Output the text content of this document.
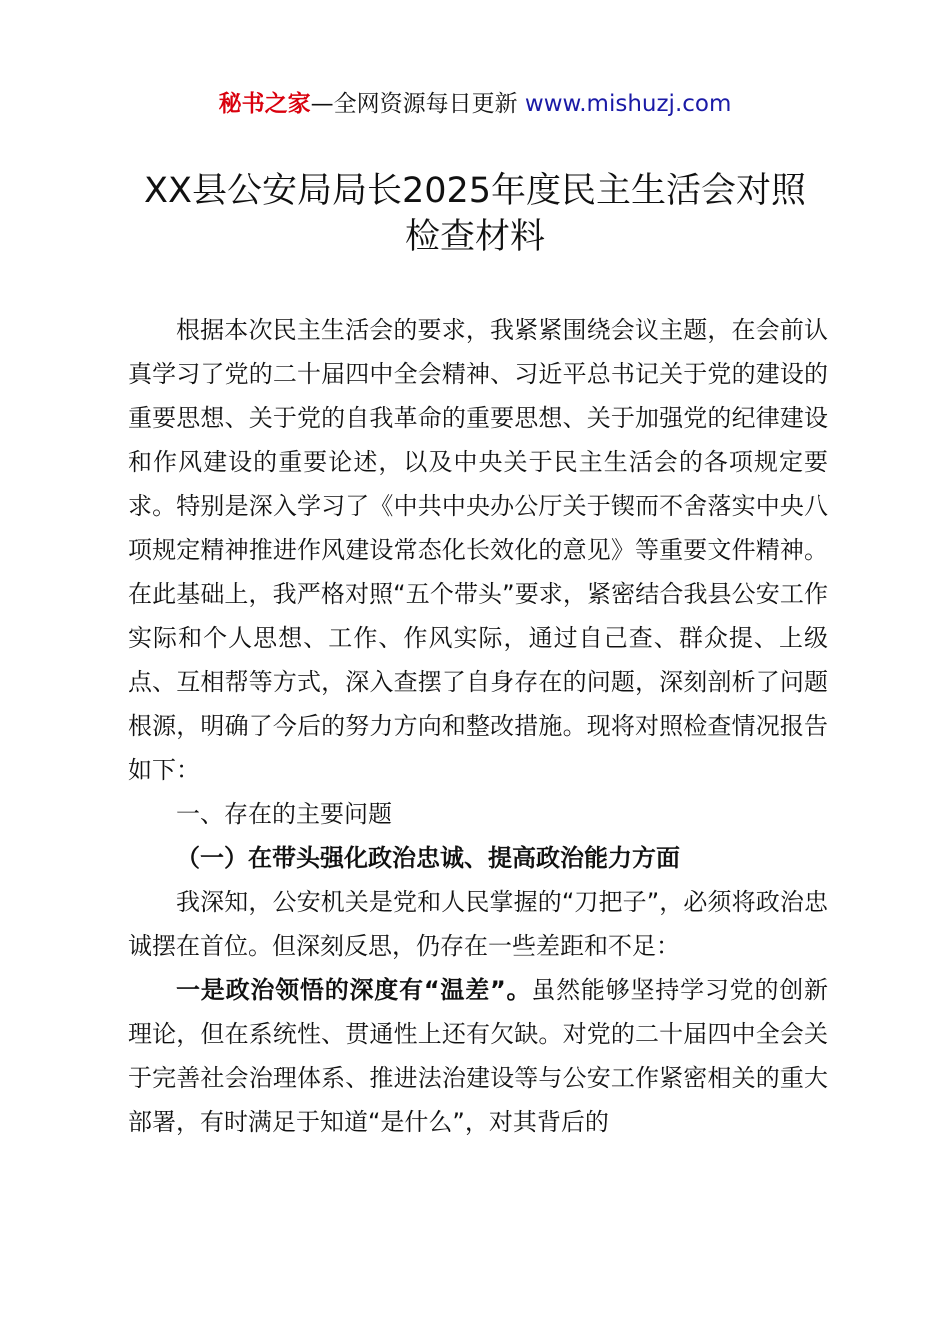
秘书之家—全网资源每日更新 www.mishuzj.com
XX县公安局局长2025年度民主生活会对照
检查材料

根据本次民主生活会的要求，我紧紧围绕会议主题，在会前认真学习了党的二十届四中全会精神、习近平总书记关于党的建设的重要思想、关于党的自我革命的重要思想、关于加强党的纪律建设和作风建设的重要论述，以及中央关于民主生活会的各项规定要求。特别是深入学习了《中共中央办公厅关于锲而不舍落实中央八项规定精神推进作风建设常态化长效化的意见》等重要文件精神。在此基础上，我严格对照“五个带头”要求，紧密结合我县公安工作实际和个人思想、工作、作风实际，通过自己查、群众提、上级点、互相帮等方式，深入查摆了自身存在的问题，深刻剖析了问题根源，明确了今后的努力方向和整改措施。现将对照检查情况报告如下：

一、存在的主要问题

（一）在带头强化政治忠诚、提高政治能力方面

我深知，公安机关是党和人民掌握的“刀把子”，必须将政治忠诚摆在首位。但深刻反思，仍存在一些差距和不足：

一是政治领悟的深度有“温差”。虽然能够坚持学习党的创新理论，但在系统性、贯通性上还有欠缺。对党的二十届四中全会关于完善社会治理体系、推进法治建设等与公安工作紧密相关的重大部署，有时满足于知道“是什么”，对其背后的
